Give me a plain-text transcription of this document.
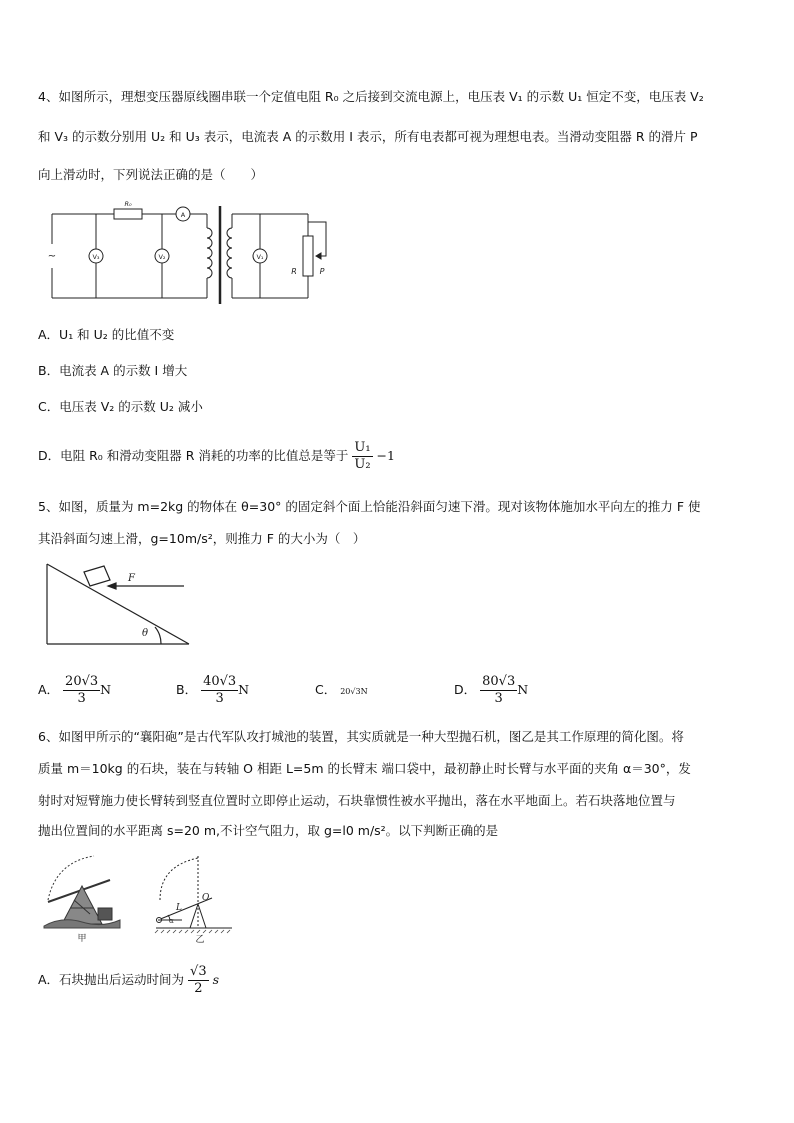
4、如图所示，理想变压器原线圈串联一个定值电阻 R₀ 之后接到交流电源上，电压表 V₁ 的示数 U₁ 恒定不变，电压表 V₂
和 V₃ 的示数分别用 U₂ 和 U₃ 表示，电流表 A 的示数用 I 表示，所有电表都可视为理想电表。当滑动变阻器 R 的滑片 P
向上滑动时，下列说法正确的是（　　）
R₀
A
V₃	V₂	V₁
~
R	P
A．U₁ 和 U₂ 的比值不变
B．电流表 A 的示数 I 增大
C．电压表 V₂ 的示数 U₂ 减小
D．电阻 R₀ 和滑动变阻器 R 消耗的功率的比值总是等于 $\frac{\text{U₁}}{\text{U₂}} -1$
5、如图，质量为 m=2kg 的物体在 θ=30° 的固定斜个面上恰能沿斜面匀速下滑。现对该物体施加水平向左的推力 F 使
其沿斜面匀速上滑，g=10m/s²，则推力 F 的大小为（　）
F
θ
A． $\frac{20√3}{3}$ N	B． $\frac{40√3}{3}$ N	C． 20√3N	D． $\frac{80√3}{3}$ N
6、如图甲所示的“襄阳砲”是古代军队攻打城池的装置，其实质就是一种大型抛石机，图乙是其工作原理的简化图。将
质量 m＝10kg 的石块，装在与转轴 O 相距 L=5m 的长臂末 端口袋中，最初静止时长臂与水平面的夹角 α＝30°，发
射时对短臂施力使长臂转到竖直位置时立即停止运动，石块靠惯性被水平抛出，落在水平地面上。若石块落地位置与
抛出位置间的水平距离 s=20 m,不计空气阻力，取 g=l0 m/s²。以下判断正确的是
甲	乙
L
O
α
A．石块抛出后运动时间为 $\frac{√3}{2}$ s
